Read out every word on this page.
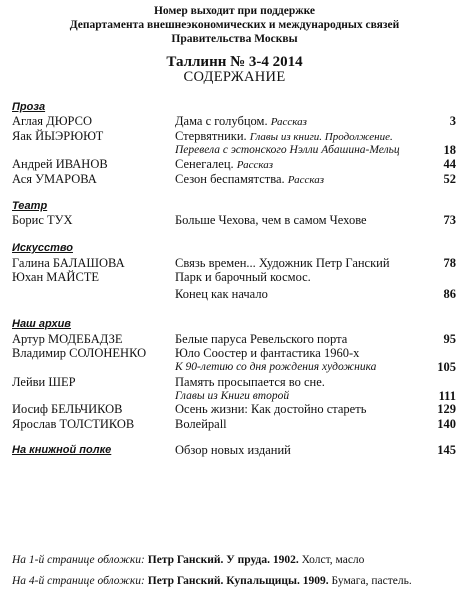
Номер выходит при поддержке
Департамента внешнеэкономических и международных связей
Правительства Москвы
Таллинн № 3-4 2014
СОДЕРЖАНИЕ
Проза
Аглая ДЮРСО	Дама с голубцом. Рассказ	3
Яак ЙЫЭРЮЮТ	Стервятники. Главы из книги. Продолжение.
Перевела с эстонского Нэлли Абашина-Мельц	18
Андрей ИВАНОВ	Сенегалец. Рассказ	44
Ася УМАРОВА	Сезон беспамятства. Рассказ	52
Театр
Борис ТУХ	Больше Чехова, чем в самом Чехове	73
Искусство
Галина БАЛАШОВА	Связь времен... Художник Петр Ганский	78
Юхан МАЙСТЕ	Парк и барочный космос.
Конец как начало	86
Наш архив
Артур МОДЕБАДЗЕ	Белые паруса Ревельского порта	95
Владимир СОЛОНЕНКО Юло Соостер и фантастика 1960-х
К 90-летию со дня рождения художника	105
Лейви ШЕР	Память просыпается во сне.
Главы из Книги второй	111
Иосиф БЕЛЬЧИКОВ	Осень жизни: Как достойно стареть	129
Ярослав ТОЛСТИКОВ	Волейpall	140
На книжной полке	Обзор новых изданий	145
На 1-й странице обложки: Петр Ганский. У пруда. 1902. Холст, масло
На 4-й странице обложки: Петр Ганский. Купальщицы. 1909. Бумага, пастель.
